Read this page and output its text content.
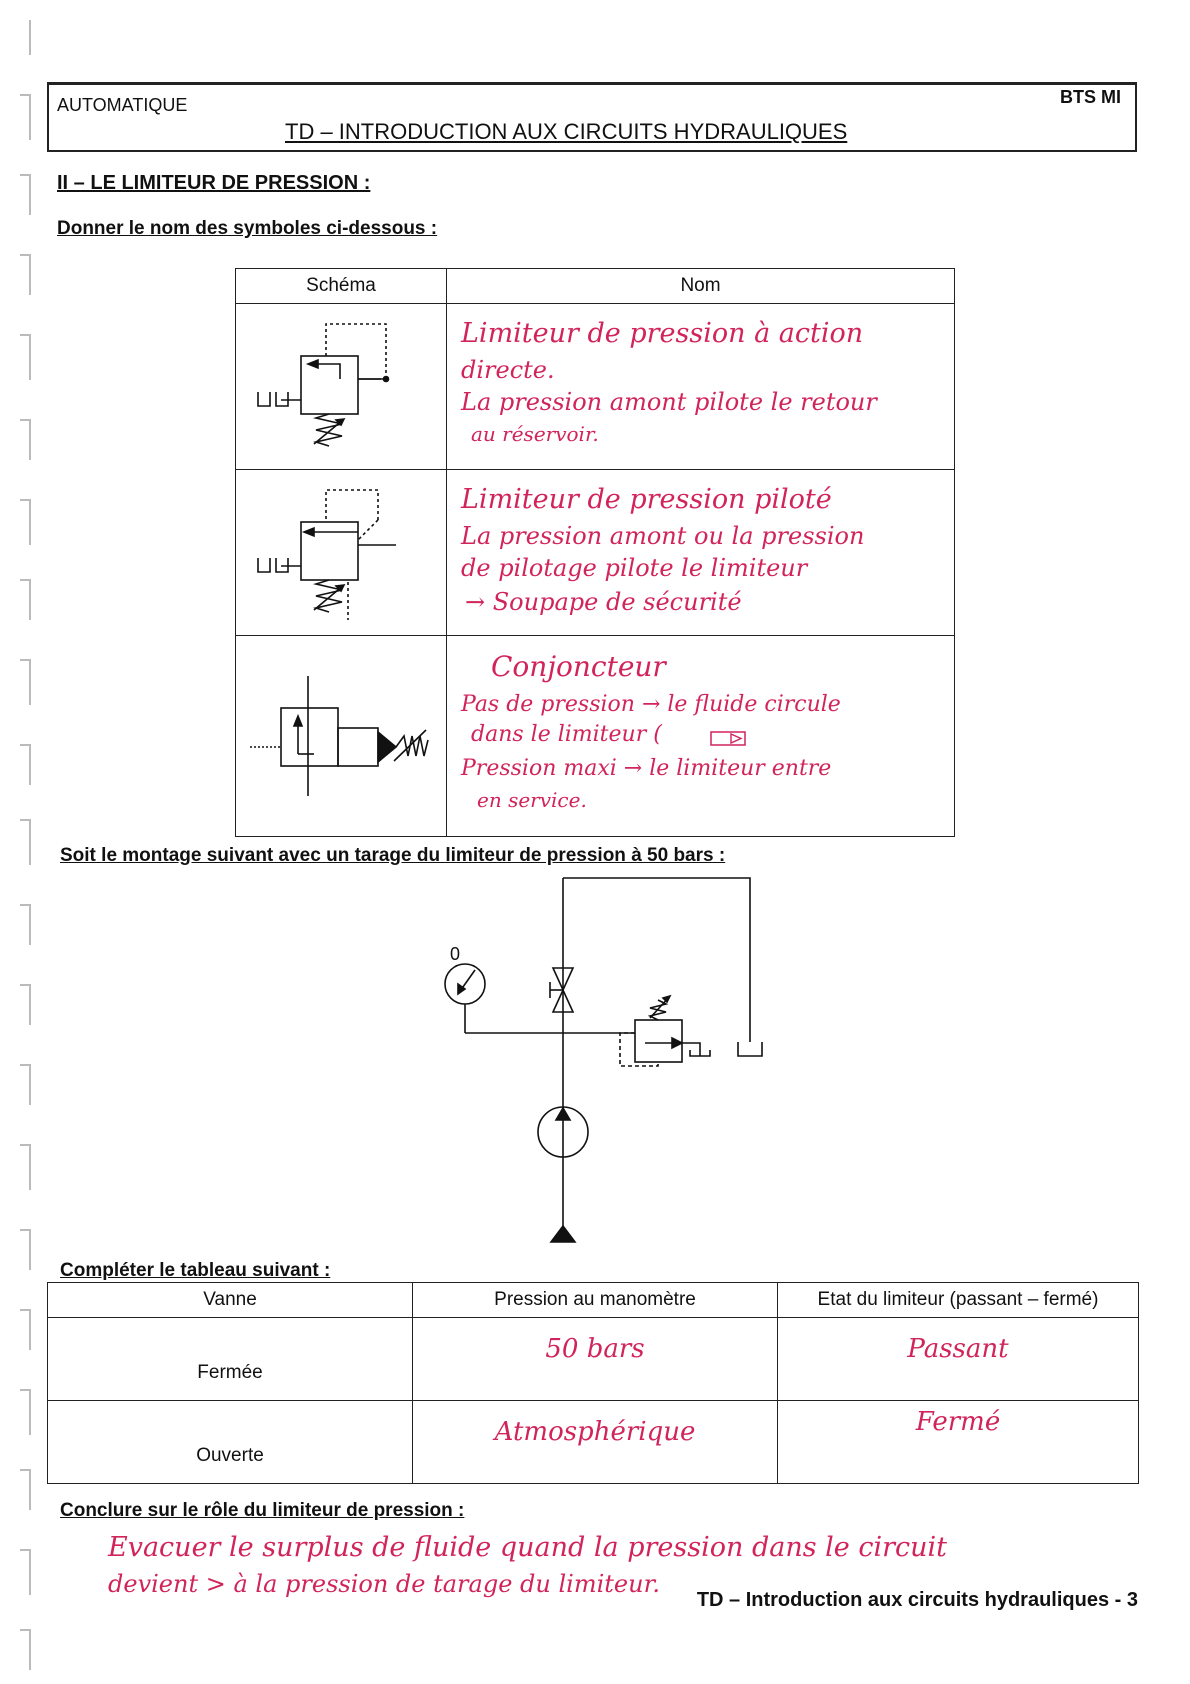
AUTOMATIQUE	BTS MI
TD – INTRODUCTION AUX CIRCUITS HYDRAULIQUES
II – LE LIMITEUR DE PRESSION :
Donner le nom des symboles ci-dessous :
Schéma	Nom

Limiteur de pression à action
directe.
La pression amont pilote le retour
au réservoir.

Limiteur de pression piloté
La pression amont ou la pression
de pilotage pilote le limiteur
→ Soupape de sécurité

Conjoncteur
Pas de pression → le fluide circule
dans le limiteur (
Pression maxi → le limiteur entre
en service.
Soit le montage suivant avec un tarage du limiteur de pression à 50 bars :
0
Compléter le tableau suivant :
Vanne	Pression au manomètre	Etat du limiteur (passant – fermé)
Fermée	50 bars	Passant

Ouverte	Atmosphérique	Fermé
Conclure sur le rôle du limiteur de pression :
Evacuer le surplus de fluide quand la pression dans le circuit
devient > à la pression de tarage du limiteur.
TD – Introduction aux circuits hydrauliques - 3
